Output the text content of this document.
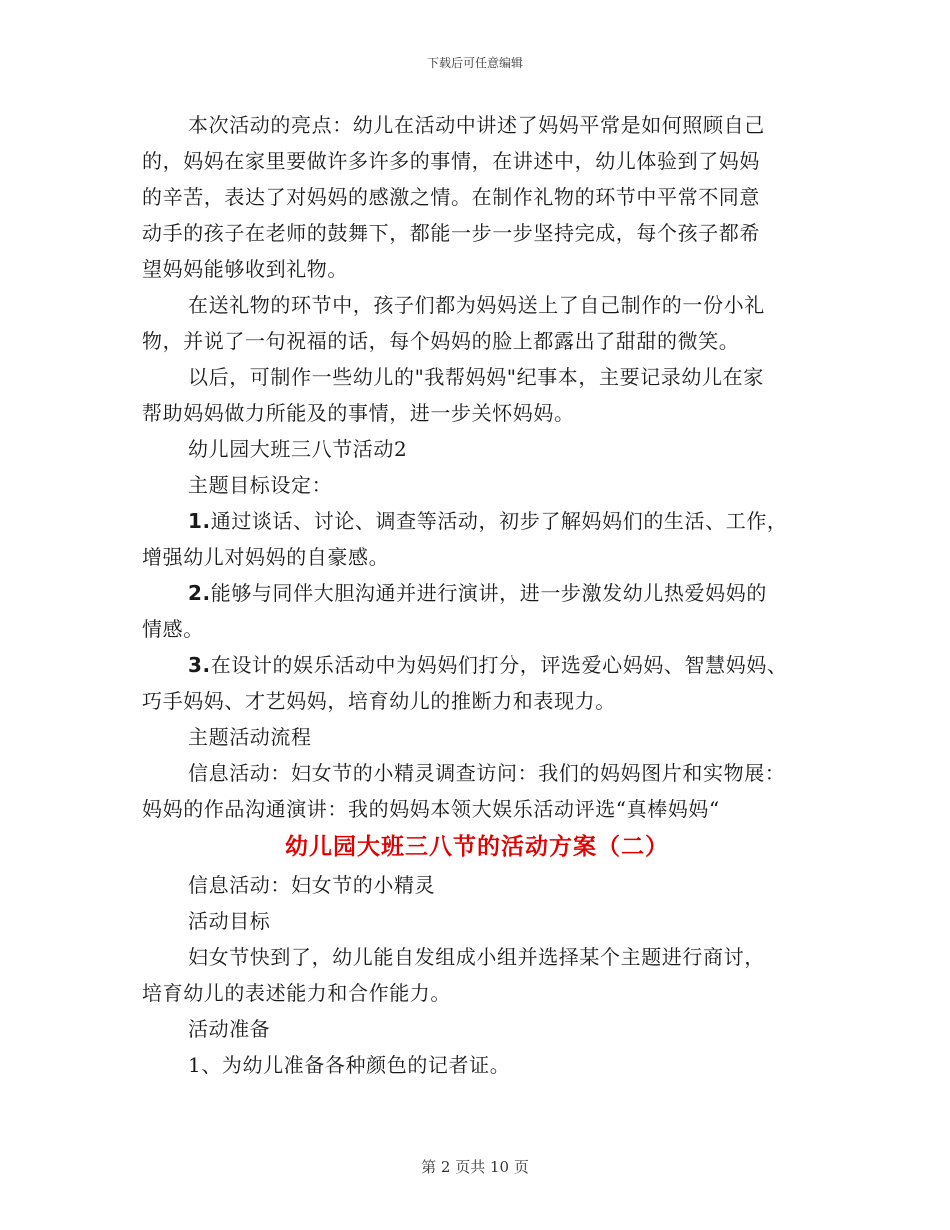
下载后可任意编辑

本次活动的亮点：幼儿在活动中讲述了妈妈平常是如何照顾自己

的，妈妈在家里要做许多许多的事情，在讲述中，幼儿体验到了妈妈

的辛苦，表达了对妈妈的感激之情。在制作礼物的环节中平常不同意

动手的孩子在老师的鼓舞下，都能一步一步坚持完成，每个孩子都希

望妈妈能够收到礼物。

在送礼物的环节中，孩子们都为妈妈送上了自己制作的一份小礼

物，并说了一句祝福的话，每个妈妈的脸上都露出了甜甜的微笑。

以后，可制作一些幼儿的"我帮妈妈"纪事本，主要记录幼儿在家

帮助妈妈做力所能及的事情，进一步关怀妈妈。

幼儿园大班三八节活动2

主题目标设定：

1.通过谈话、讨论、调查等活动，初步了解妈妈们的生活、工作，

增强幼儿对妈妈的自豪感。

2.能够与同伴大胆沟通并进行演讲，进一步激发幼儿热爱妈妈的

情感。

3.在设计的娱乐活动中为妈妈们打分，评选爱心妈妈、智慧妈妈、

巧手妈妈、才艺妈妈，培育幼儿的推断力和表现力。

主题活动流程

信息活动：妇女节的小精灵调查访问：我们的妈妈图片和实物展：

妈妈的作品沟通演讲：我的妈妈本领大娱乐活动评选“真棒妈妈“

幼儿园大班三八节的活动方案（二）

信息活动：妇女节的小精灵

活动目标

妇女节快到了，幼儿能自发组成小组并选择某个主题进行商讨，

培育幼儿的表述能力和合作能力。

活动准备

1、为幼儿准备各种颜色的记者证。

第 2 页共 10 页
